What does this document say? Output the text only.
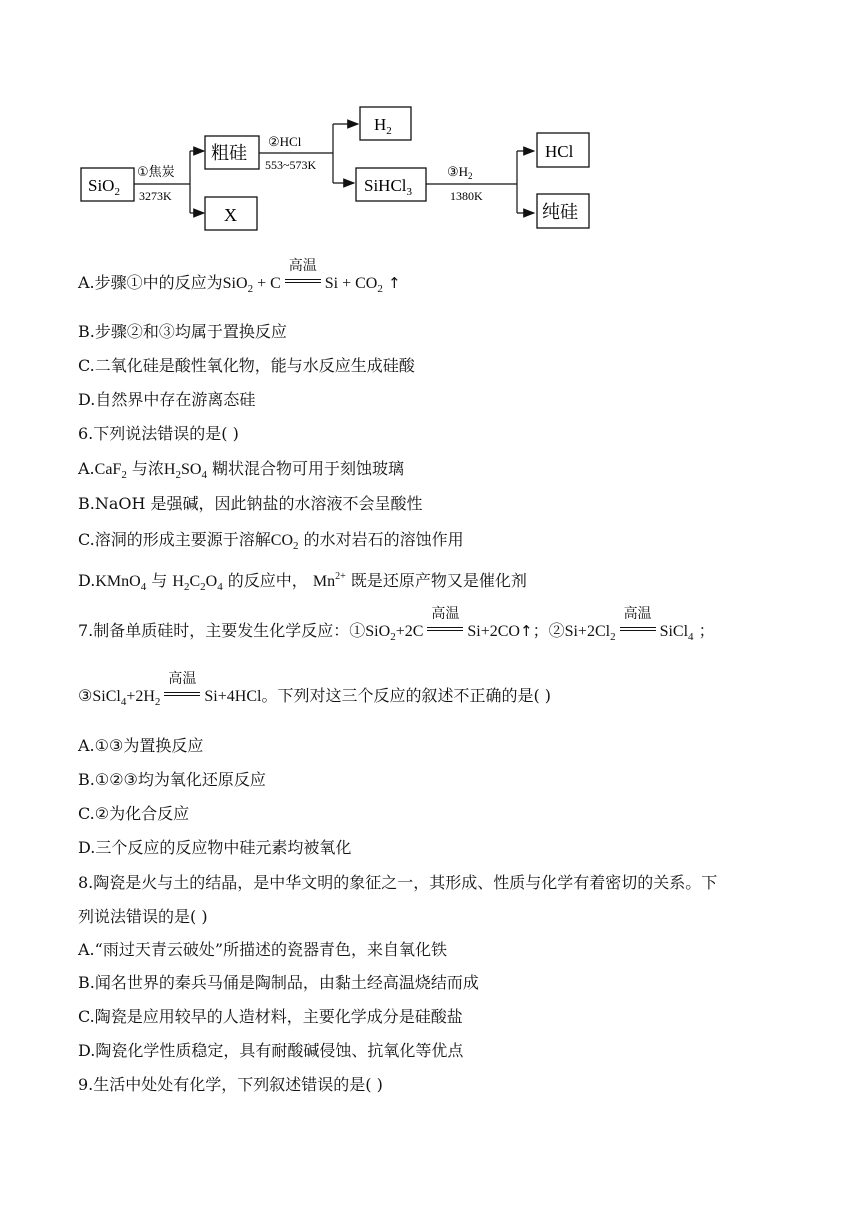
SiO$_2$
①焦炭
3273K
粗硅
X
②HCl
553~573K
$H_2$
SiHCl$_3$
$③H_2$
1380K
HCl
纯硅
A.步骤①中的反应为SiO$_2$ + C
高温
$Si + CO_2$ ↑
B.步骤②和③均属于置换反应
C.二氧化硅是酸性氧化物，能与水反应生成硅酸
D.自然界中存在游离态硅
6.下列说法错误的是( )
A.CaF$_2$ 与浓$H_2SO_4$ 糊状混合物可用于刻蚀玻璃
B.NaOH 是强碱，因此钠盐的水溶液不会呈酸性
C.溶洞的形成主要源于溶解$CO_2$ 的水对岩石的溶蚀作用
D.KMnO$_4$ 与 $H_2C_2O_4$ 的反应中， $Mn^{2+}$ 既是还原产物又是催化剂
7.制备单质硅时，主要发生化学反应：①SiO$_2$+2C
高温
Si+2CO↑；$②Si+2Cl_2$
高温
SiCl$_4$ ；
$③SiCl_4+2H_2$
高温
Si+4HCl。下列对这三个反应的叙述不正确的是( )
A.①③为置换反应
B.①②③均为氧化还原反应
C.②为化合反应
D.三个反应的反应物中硅元素均被氧化
8.陶瓷是火与土的结晶，是中华文明的象征之一，其形成、性质与化学有着密切的关系。下
列说法错误的是( )
A.“雨过天青云破处”所描述的瓷器青色，来自氧化铁
B.闻名世界的秦兵马俑是陶制品，由黏土经高温烧结而成
C.陶瓷是应用较早的人造材料，主要化学成分是硅酸盐
D.陶瓷化学性质稳定，具有耐酸碱侵蚀、抗氧化等优点
9.生活中处处有化学，下列叙述错误的是( )
